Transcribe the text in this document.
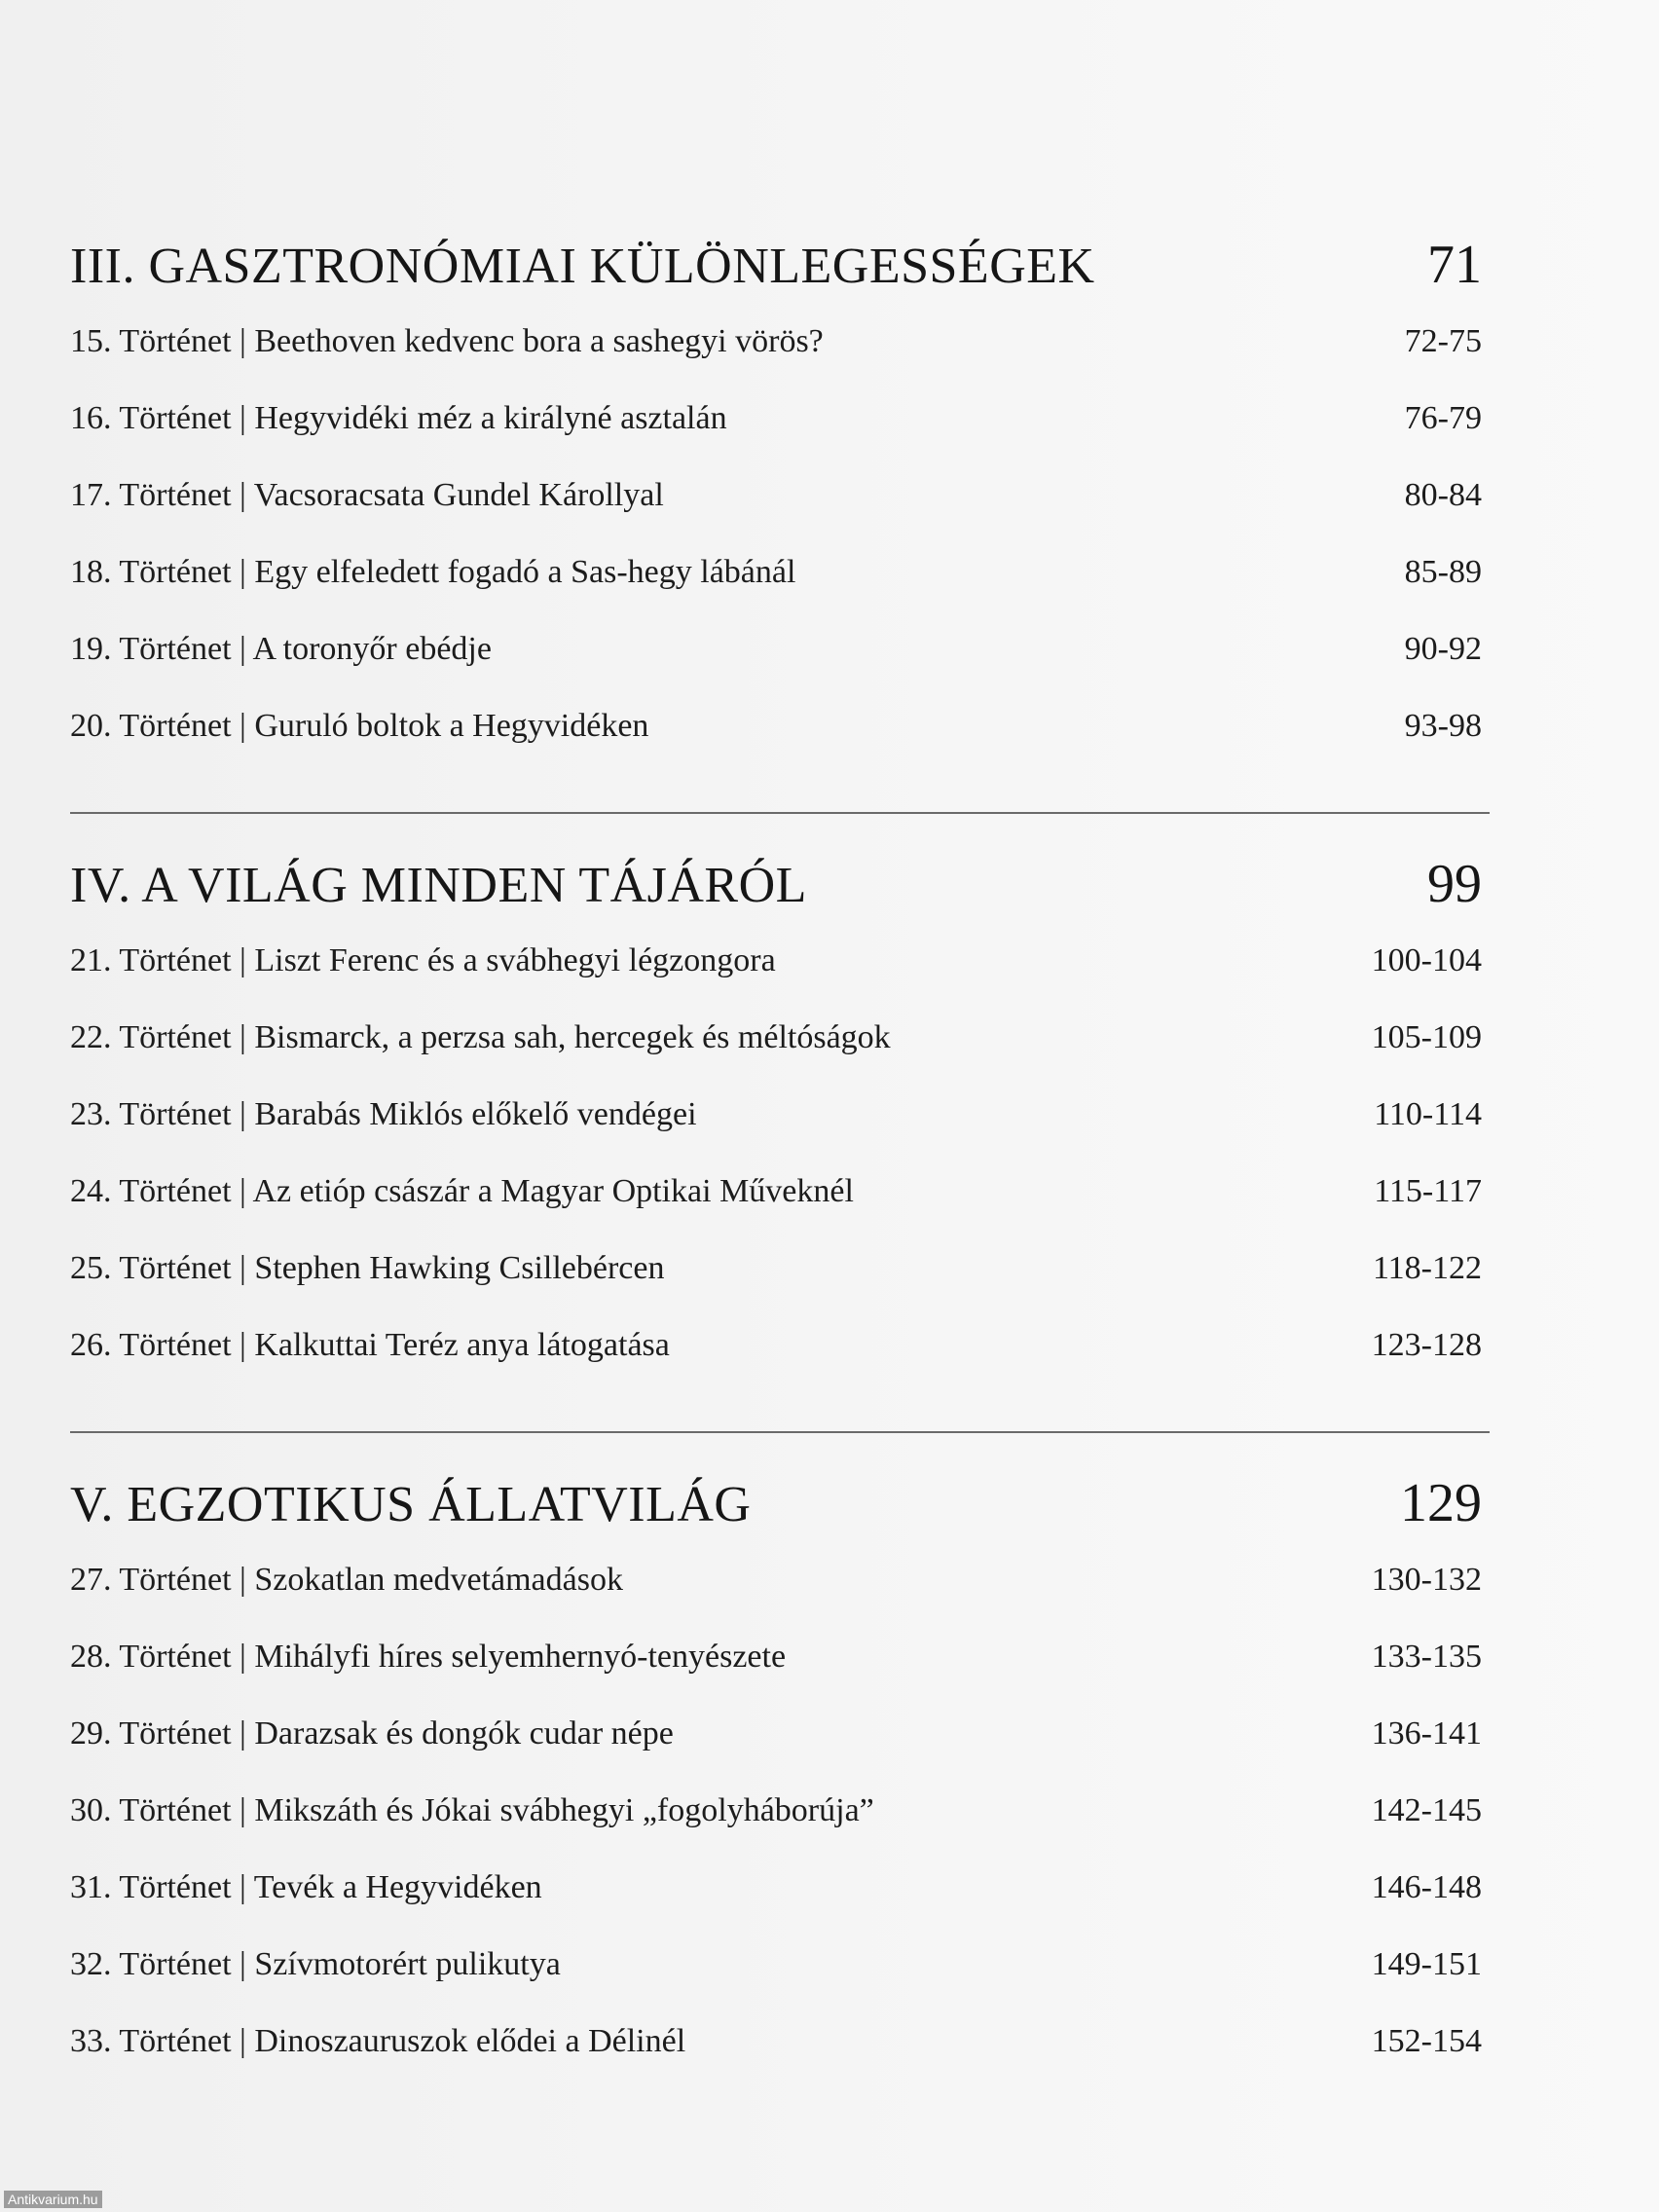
III. GASZTRONÓMIAI KÜLÖNLEGESSÉGEK	71
15. Történet | Beethoven kedvenc bora a sashegyi vörös?	72-75
16. Történet | Hegyvidéki méz a királyné asztalán	76-79
17. Történet | Vacsoracsata Gundel Károllyal	80-84
18. Történet | Egy elfeledett fogadó a Sas-hegy lábánál	85-89
19. Történet | A toronyőr ebédje	90-92
20. Történet | Guruló boltok a Hegyvidéken	93-98
IV. A VILÁG MINDEN TÁJÁRÓL	99
21. Történet | Liszt Ferenc és a svábhegyi légzongora	100-104
22. Történet | Bismarck, a perzsa sah, hercegek és méltóságok	105-109
23. Történet | Barabás Miklós előkelő vendégei	110-114
24. Történet | Az etióp császár a Magyar Optikai Műveknél	115-117
25. Történet | Stephen Hawking Csillebércen	118-122
26. Történet | Kalkuttai Teréz anya látogatása	123-128
V. EGZOTIKUS ÁLLATVILÁG	129
27. Történet | Szokatlan medvetámadások	130-132
28. Történet | Mihályfi híres selyemhernyó-tenyészete	133-135
29. Történet | Darazsak és dongók cudar népe	136-141
30. Történet | Mikszáth és Jókai svábhegyi „fogolyháborúja”	142-145
31. Történet | Tevék a Hegyvidéken	146-148
32. Történet | Szívmotorért pulikutya	149-151
33. Történet | Dinoszauruszok elődei a Délinél	152-154
Antikvarium.hu
